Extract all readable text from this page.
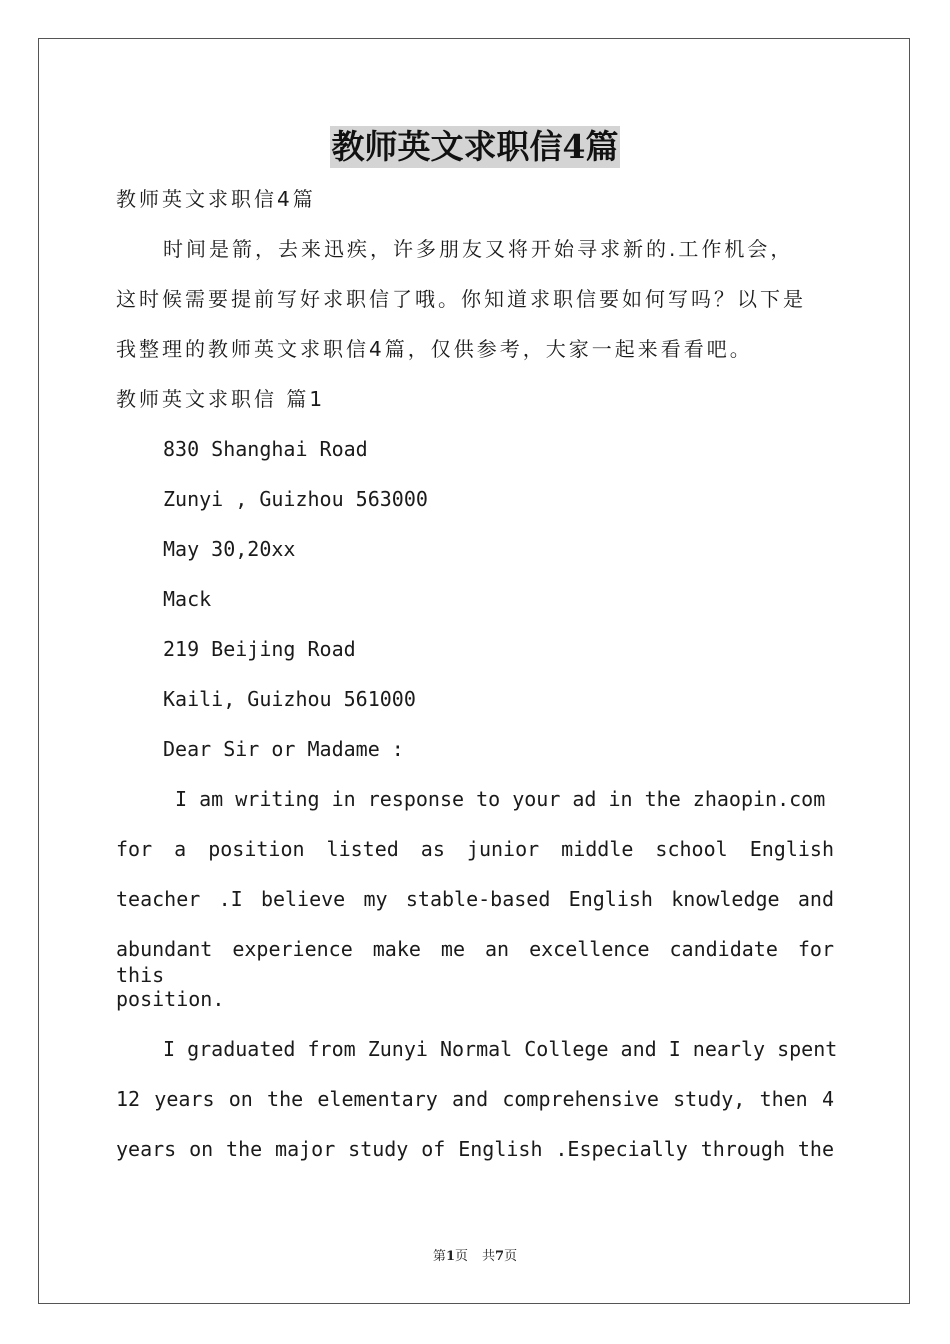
教师英文求职信4篇
教师英文求职信4篇
时间是箭，去来迅疾，许多朋友又将开始寻求新的.工作机会，
这时候需要提前写好求职信了哦。你知道求职信要如何写吗？以下是
我整理的教师英文求职信4篇，仅供参考，大家一起来看看吧。
教师英文求职信 篇1
830 Shanghai Road
Zunyi , Guizhou 563000
May 30,20xx
Mack
219 Beijing Road
Kaili, Guizhou 561000
Dear Sir or Madame :
I am writing in response to your ad in the zhaopin.com
for a position listed as junior middle school English
teacher .I believe my stable-based English knowledge and
abundant experience make me an excellence candidate for this
position.
I graduated from Zunyi Normal College and I nearly spent
12 years on the elementary and comprehensive study, then 4
years on the major study of English .Especially through the
第1页 共7页
